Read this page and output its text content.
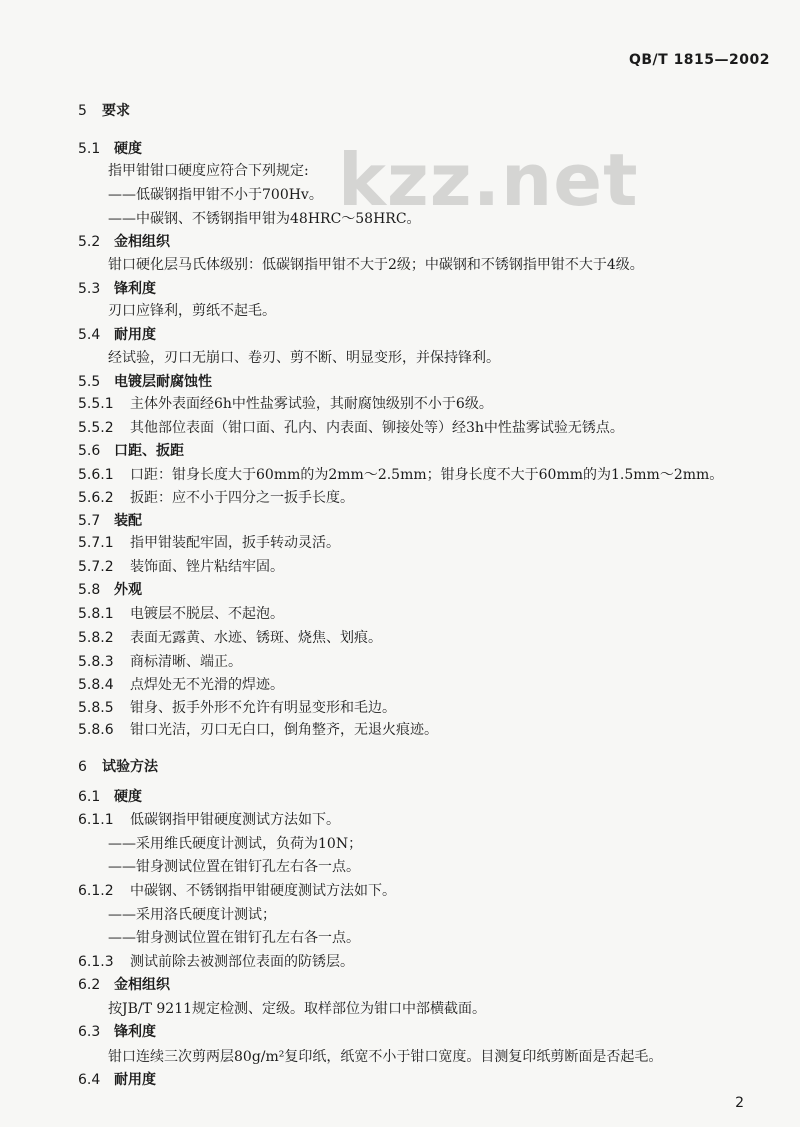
QB/T 1815—2002
kzz.net
5 要求
5.1 硬度
指甲钳钳口硬度应符合下列规定:
——低碳钢指甲钳不小于700Hv。
——中碳钢、不锈钢指甲钳为48HRC～58HRC。
5.2 金相组织
钳口硬化层马氏体级别：低碳钢指甲钳不大于2级；中碳钢和不锈钢指甲钳不大于4级。
5.3 锋利度
刃口应锋利，剪纸不起毛。
5.4 耐用度
经试验，刃口无崩口、卷刃、剪不断、明显变形，并保持锋利。
5.5 电镀层耐腐蚀性
5.5.1 主体外表面经6h中性盐雾试验，其耐腐蚀级别不小于6级。
5.5.2 其他部位表面（钳口面、孔内、内表面、铆接处等）经3h中性盐雾试验无锈点。
5.6 口距、扳距
5.6.1 口距：钳身长度大于60mm的为2mm～2.5mm；钳身长度不大于60mm的为1.5mm～2mm。
5.6.2 扳距：应不小于四分之一扳手长度。
5.7 装配
5.7.1 指甲钳装配牢固，扳手转动灵活。
5.7.2 装饰面、锉片粘结牢固。
5.8 外观
5.8.1 电镀层不脱层、不起泡。
5.8.2 表面无露黄、水迹、锈斑、烧焦、划痕。
5.8.3 商标清晰、端正。
5.8.4 点焊处无不光滑的焊迹。
5.8.5 钳身、扳手外形不允许有明显变形和毛边。
5.8.6 钳口光洁，刃口无白口，倒角整齐，无退火痕迹。
6 试验方法
6.1 硬度
6.1.1 低碳钢指甲钳硬度测试方法如下。
——采用维氏硬度计测试，负荷为10N；
——钳身测试位置在钳钉孔左右各一点。
6.1.2 中碳钢、不锈钢指甲钳硬度测试方法如下。
——采用洛氏硬度计测试；
——钳身测试位置在钳钉孔左右各一点。
6.1.3 测试前除去被测部位表面的防锈层。
6.2 金相组织
按JB/T 9211规定检测、定级。取样部位为钳口中部横截面。
6.3 锋利度
钳口连续三次剪两层80g/m²复印纸，纸宽不小于钳口宽度。目测复印纸剪断面是否起毛。
6.4 耐用度
2
